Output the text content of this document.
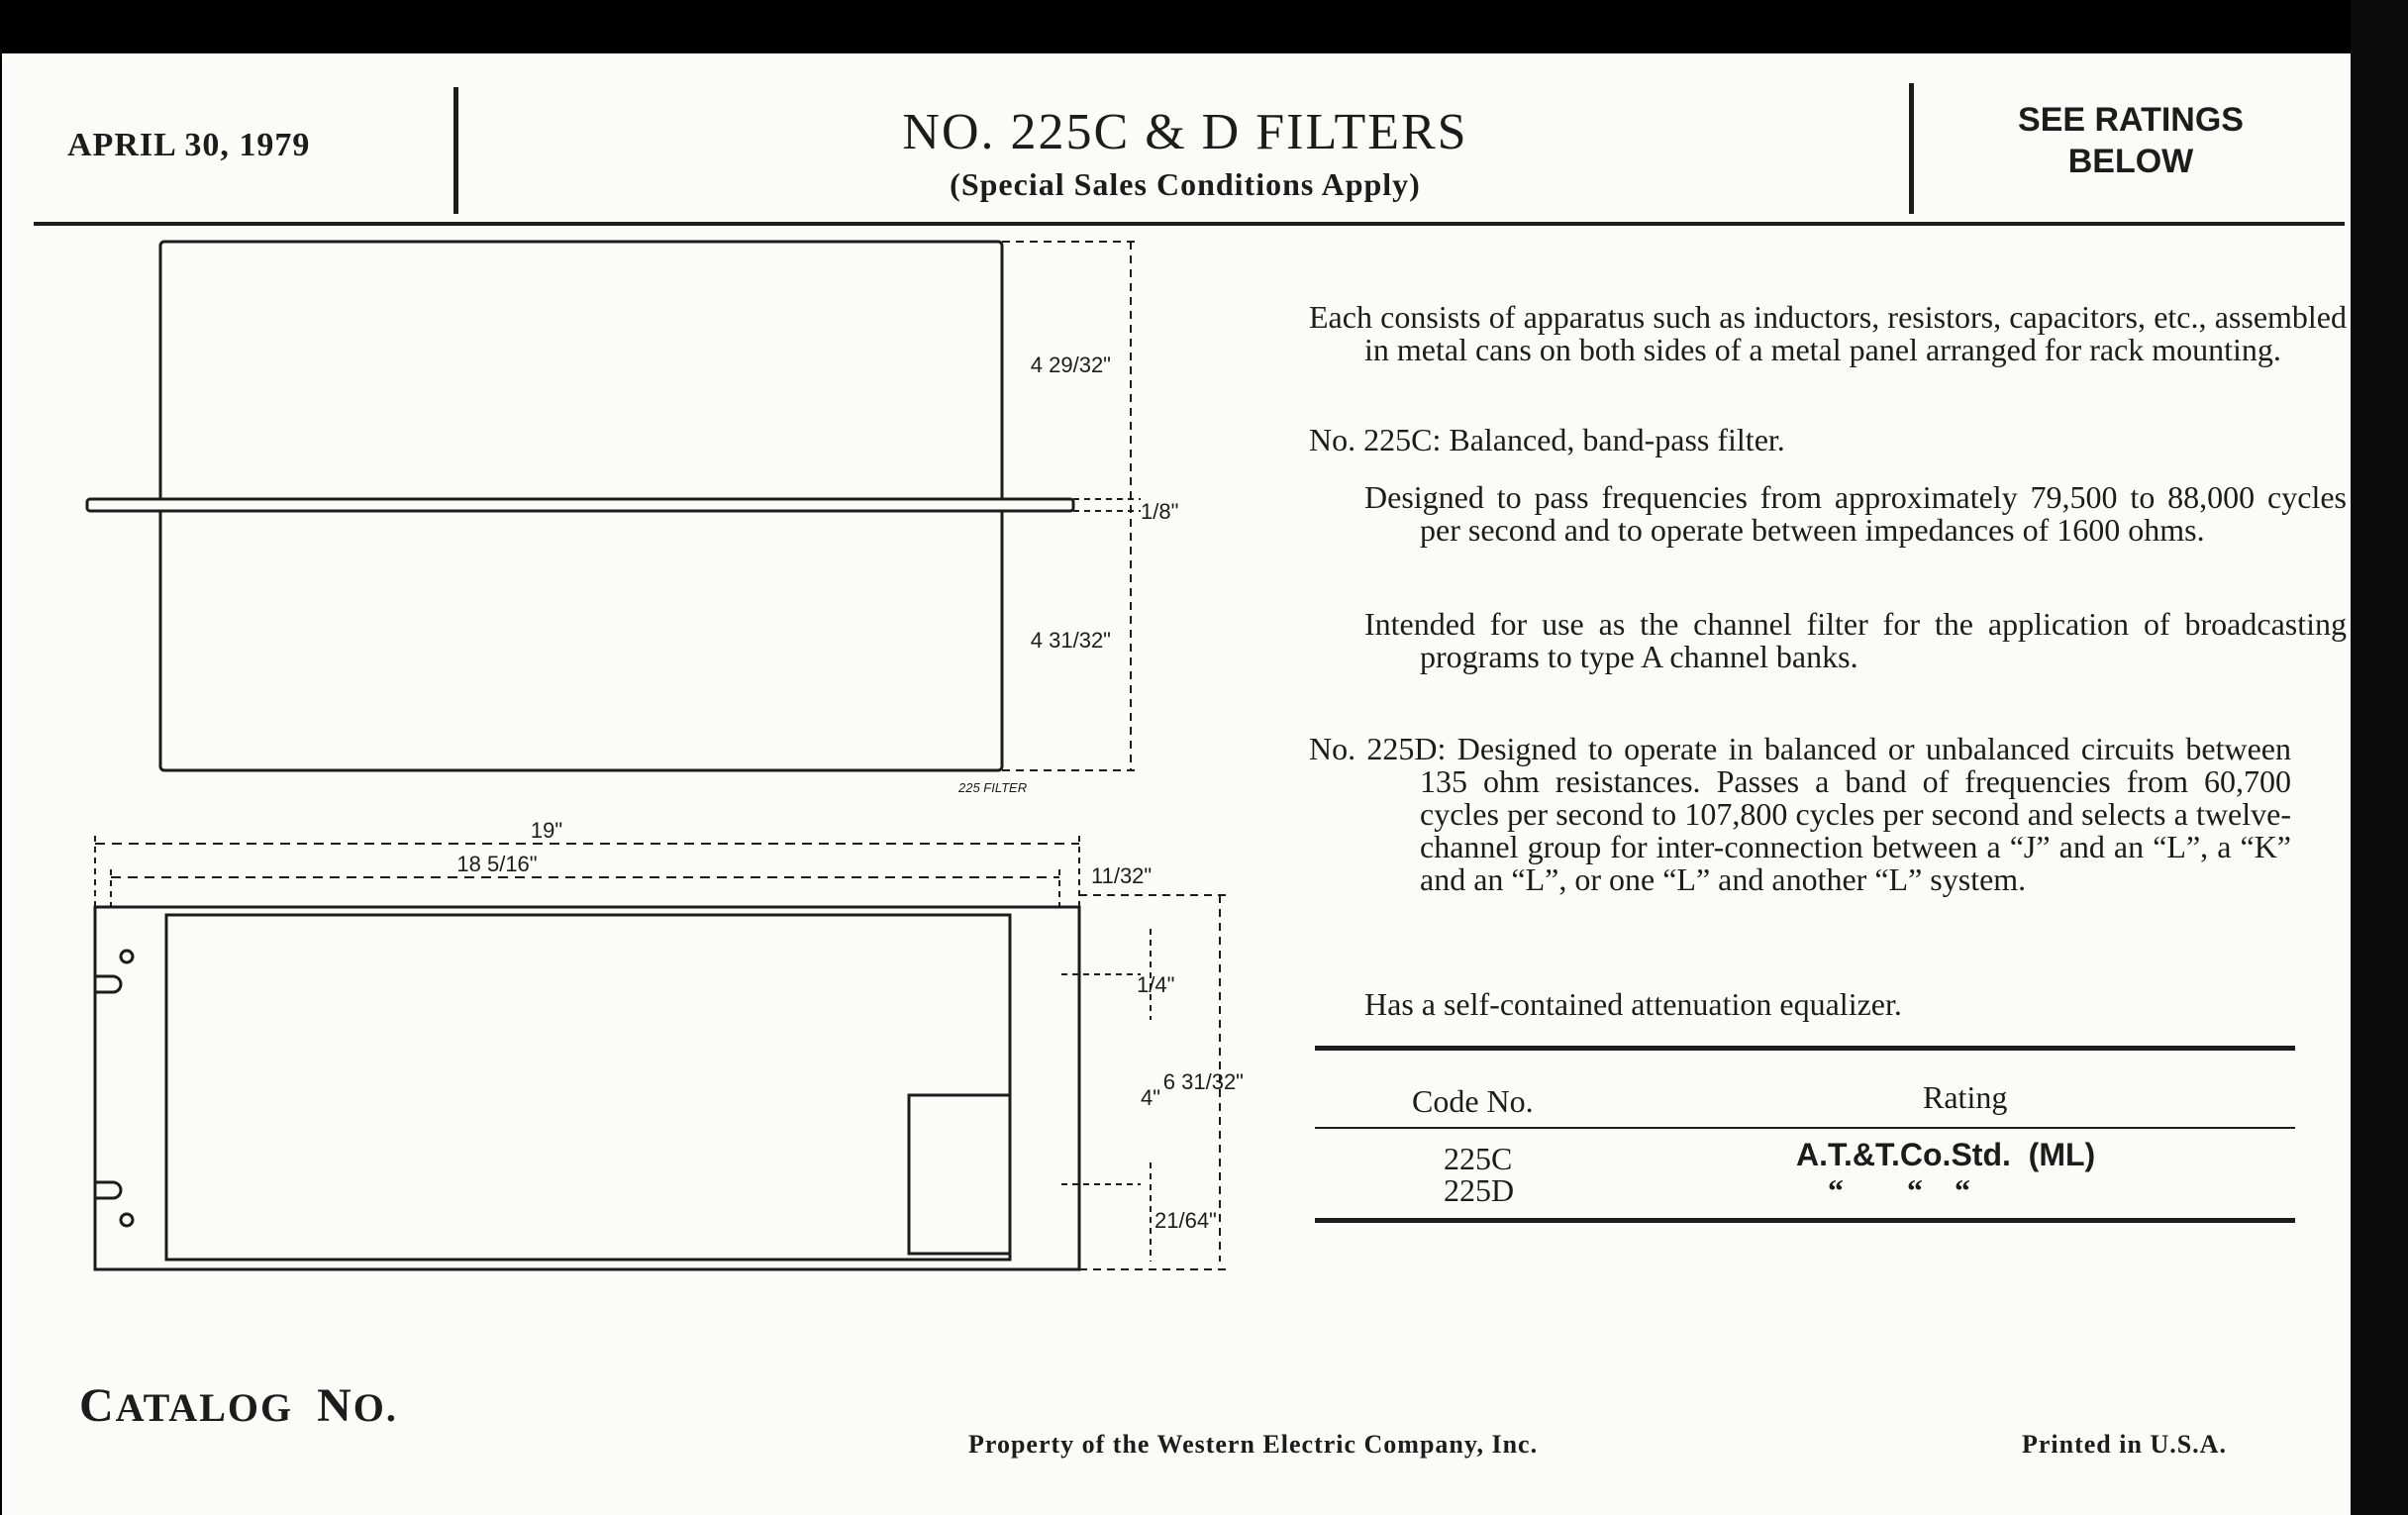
APRIL 30, 1979	NO. 225C & D FILTERS
(Special Sales Conditions Apply)
SEE RATINGS
BELOW
4 29/32"
1/8"
4 31/32"
19"
18 5/16"	11/32"
1/4"
4"
6 31/32"
21/64"
225 FILTER
Each consists of apparatus such as inductors, resistors, capacitors, etc., assembled in metal cans on both sides of a metal panel arranged for rack mounting.
No. 225C: Balanced, band-pass filter.
Designed to pass frequencies from approximately 79,500 to 88,000 cycles per second and to operate between impedances of 1600 ohms.
Intended for use as the channel filter for the application of broadcasting programs to type A channel banks.
No. 225D: Designed to operate in balanced or unbalanced circuits between 135 ohm resistances. Passes a band of frequencies from 60,700 cycles per second to 107,800 cycles per second and selects a twelve-channel group for inter-connection between a “J” and an “L”, a “K” and an “L”, or one “L” and another “L” system.
Has a self-contained attenuation equalizer.
Code No.	Rating
225C	A.T.&T.Co.Std.  (ML)
225D	“        “    “
CATALOG NO.
Property of the Western Electric Company, Inc.	Printed in U.S.A.
